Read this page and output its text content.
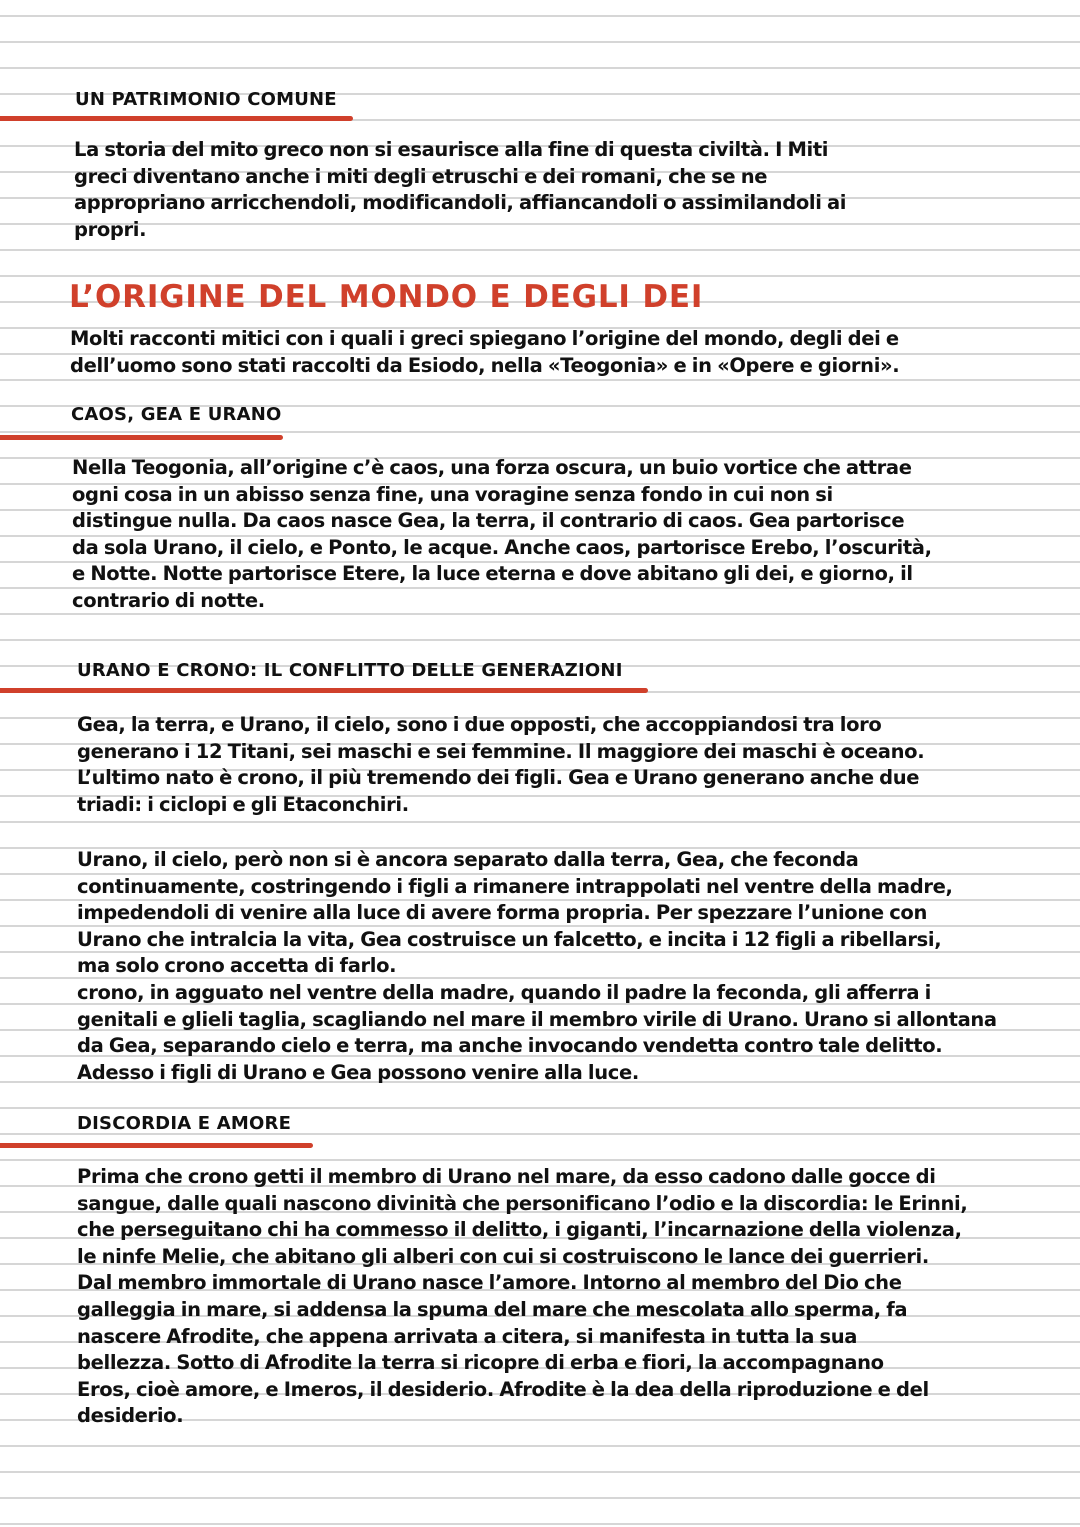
UN PATRIMONIO COMUNE
La storia del mito greco non si esaurisce alla fine di questa civiltà. I Miti
greci diventano anche i miti degli etruschi e dei romani, che se ne
appropriano arricchendoli, modificandoli, affiancandoli o assimilandoli ai
propri.
L’ORIGINE DEL MONDO E DEGLI DEI
Molti racconti mitici con i quali i greci spiegano l’origine del mondo, degli dei e
dell’uomo sono stati raccolti da Esiodo, nella «Teogonia» e in «Opere e giorni».
CAOS, GEA E URANO
Nella Teogonia, all’origine c’è caos, una forza oscura, un buio vortice che attrae
ogni cosa in un abisso senza fine, una voragine senza fondo in cui non si
distingue nulla. Da caos nasce Gea, la terra, il contrario di caos. Gea partorisce
da sola Urano, il cielo, e Ponto, le acque. Anche caos, partorisce Erebo, l’oscurità,
e Notte. Notte partorisce Etere, la luce eterna e dove abitano gli dei, e giorno, il
contrario di notte.
URANO E CRONO: IL CONFLITTO DELLE GENERAZIONI
Gea, la terra, e Urano, il cielo, sono i due opposti, che accoppiandosi tra loro
generano i 12 Titani, sei maschi e sei femmine. Il maggiore dei maschi è oceano.
L’ultimo nato è crono, il più tremendo dei figli. Gea e Urano generano anche due
triadi: i ciclopi e gli Etaconchiri.
Urano, il cielo, però non si è ancora separato dalla terra, Gea, che feconda
continuamente, costringendo i figli a rimanere intrappolati nel ventre della madre,
impedendoli di venire alla luce di avere forma propria. Per spezzare l’unione con
Urano che intralcia la vita, Gea costruisce un falcetto, e incita i 12 figli a ribellarsi,
ma solo crono accetta di farlo.
crono, in agguato nel ventre della madre, quando il padre la feconda, gli afferra i
genitali e glieli taglia, scagliando nel mare il membro virile di Urano. Urano si allontana
da Gea, separando cielo e terra, ma anche invocando vendetta contro tale delitto.
Adesso i figli di Urano e Gea possono venire alla luce.
DISCORDIA E AMORE
Prima che crono getti il membro di Urano nel mare, da esso cadono dalle gocce di
sangue, dalle quali nascono divinità che personificano l’odio e la discordia: le Erinni,
che perseguitano chi ha commesso il delitto, i giganti, l’incarnazione della violenza,
le ninfe Melie, che abitano gli alberi con cui si costruiscono le lance dei guerrieri.
Dal membro immortale di Urano nasce l’amore. Intorno al membro del Dio che
galleggia in mare, si addensa la spuma del mare che mescolata allo sperma, fa
nascere Afrodite, che appena arrivata a citera, si manifesta in tutta la sua
bellezza. Sotto di Afrodite la terra si ricopre di erba e fiori, la accompagnano
Eros, cioè amore, e Imeros, il desiderio. Afrodite è la dea della riproduzione e del
desiderio.
